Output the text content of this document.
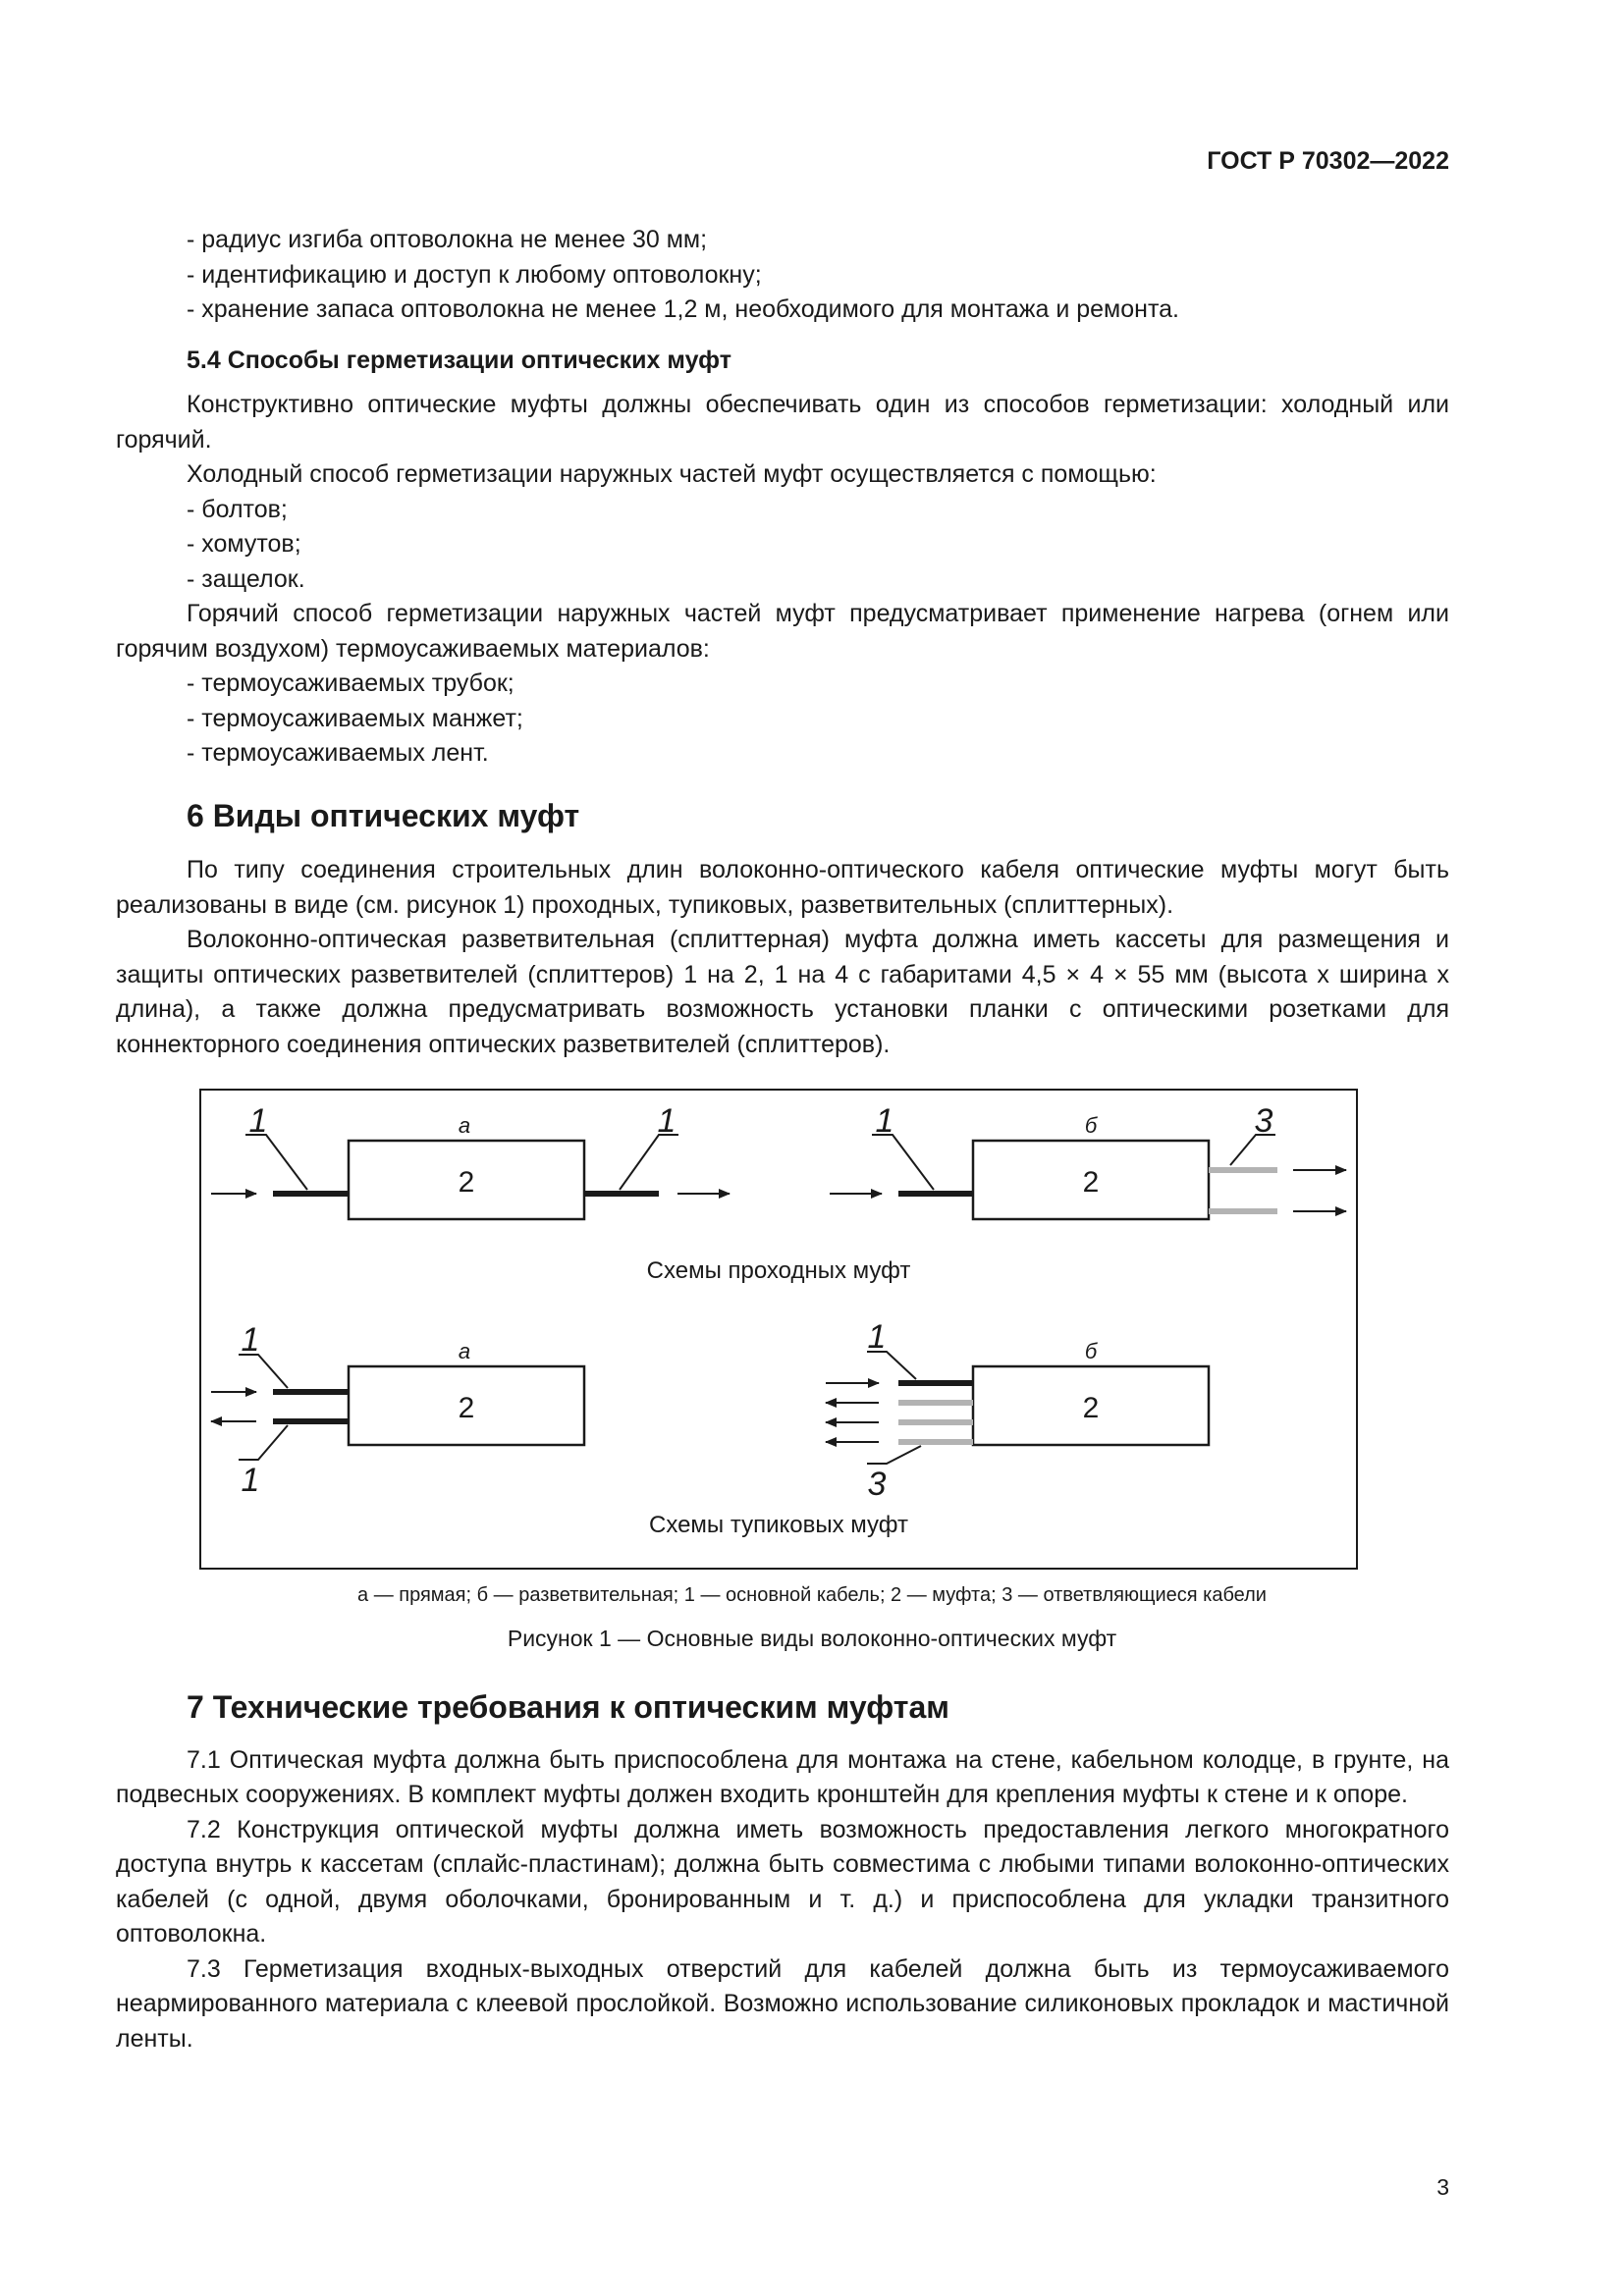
ГОСТ Р 70302—2022

- радиус изгиба оптоволокна не менее 30 мм;

- идентификацию и доступ к любому оптоволокну;

- хранение запаса оптоволокна не менее 1,2 м, необходимого для монтажа и ремонта.

5.4 Способы герметизации оптических муфт

Конструктивно оптические муфты должны обеспечивать один из способов герметизации: холодный или горячий.

Холодный способ герметизации наружных частей муфт осуществляется с помощью:

- болтов;

- хомутов;

- защелок.

Горячий способ герметизации наружных частей муфт предусматривает применение нагрева (огнем или горячим воздухом) термоусаживаемых материалов:

- термоусаживаемых трубок;

- термоусаживаемых манжет;

- термоусаживаемых лент.

6 Виды оптических муфт

По типу соединения строительных длин волоконно-оптического кабеля оптические муфты могут быть реализованы в виде (см. рисунок 1) проходных, тупиковых, разветвительных (сплиттерных).

Волоконно-оптическая разветвительная (сплиттерная) муфта должна иметь кассеты для размещения и защиты оптических разветвителей (сплиттеров) 1 на 2, 1 на 4 с габаритами 4,5 × 4 × 55 мм (высота х ширина х длина), а также должна предусматривать возможность установки планки с оптическими розетками для коннекторного соединения оптических разветвителей (сплиттеров).

а
2
1	1	б
2
1	3
Схемы проходных муфт
а
2
1
1
б
2
1
3
Схемы тупиковых муфт
а — прямая; б — разветвительная; 1 — основной кабель; 2 — муфта; 3 — ответвляющиеся кабели
Рисунок 1 — Основные виды волоконно-оптических муфт
7 Технические требования к оптическим муфтам

7.1 Оптическая муфта должна быть приспособлена для монтажа на стене, кабельном колодце, в грунте, на подвесных сооружениях. В комплект муфты должен входить кронштейн для крепления муфты к стене и к опоре.

7.2 Конструкция оптической муфты должна иметь возможность предоставления легкого многократного доступа внутрь к кассетам (сплайс-пластинам); должна быть совместима с любыми типами волоконно-оптических кабелей (с одной, двумя оболочками, бронированным и т. д.) и приспособлена для укладки транзитного оптоволокна.

7.3 Герметизация входных-выходных отверстий для кабелей должна быть из термоусаживаемого неармированного материала с клеевой прослойкой. Возможно использование силиконовых прокладок и мастичной ленты.

3
